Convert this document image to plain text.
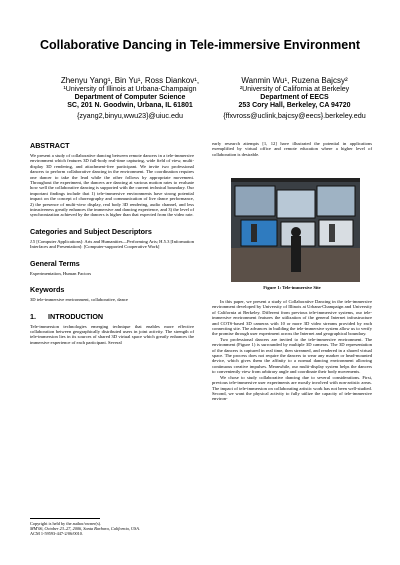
Collaborative Dancing in Tele-immersive Environment
Zhenyu Yang¹, Bin Yu¹, Ross Diankov¹,
¹University of Illinois at Urbana-Champaign
Department of Computer Science
SC, 201 N. Goodwin, Urbana, IL 61801
{zyang2,binyu,wwu23}@uiuc.edu
Wanmin Wu¹, Ruzena Bajcsy²
²University of California at Berkeley
Department of EECS
253 Cory Hall, Berkeley, CA 94720
{ffxvross@uclink,bajcsy@eecs}.berkeley.edu
ABSTRACT
We present a study of collaborative dancing between remote dancers in a tele-immersive environment which features 3D full-body real-time capturing, wide field of view, multi-display 3D rendering, and attachment-free participant. We invite two professional dancers to perform collaborative dancing in the environment. The coordination requires one dancer to take the lead while the other follows by appropriate movement. Throughout the experiment, the dancers are dancing at various motion rates to evaluate how well the collaborative dancing is supported with the current technical boundary. Our important findings include that 1) tele-immersive environments have strong potential impact on the concept of choreography and communication of live dance performance, 2) the presence of multi-view display, real body 3D rendering, audio channel, and less intrusiveness greatly enhances the immersive and dancing experience, and 3) the level of synchronization achieved by the dancers is higher than that expected from the video rate.
Categories and Subject Descriptors
J.5 [Computer Applications]: Arts and Humanities—Performing Arts; H.5.3 [Information Interfaces and Presentation]: [Computer-supported Cooperative Work]
General Terms
Experimentation, Human Factors
Keywords
3D tele-immersive environment, collaborative, dance
1. INTRODUCTION
Tele-immersion technologies emerging technique that enables more effective collaboration between geographically distributed users in joint activity. The strength of tele-immersion lies in its sources of shared 3D virtual space which greatly enhances the immersive experience of each participant. Several
Copyright is held by the author/owner(s).
MM'06, October 23–27, 2006, Santa Barbara, California, USA.
ACM 1-59593-447-2/06/0010.
early research attempts [1, 12] have illustrated the potential in applications exemplified by virtual office and remote education where a higher level of collaboration is desirable.
Figure 1: Tele-immersive Site
In this paper, we present a study of Collaborative Dancing in the tele-immersive environment developed by University of Illinois at Urbana-Champaign and University of California at Berkeley. Different from previous tele-immersive systems, our tele-immersive environment features the utilization of the general Internet infrastructure and COTS-based 3D cameras with 10 or more 3D video streams provided by each connecting site. The advances in building the tele-immersive system allow us to verify the promise through user experiment across the Internet and geographical boundary.
Two professional dancers are invited to the tele-immersive environment. The environment (Figure 1) is surrounded by multiple 3D cameras. The 3D representation of the dancers is captured in real time, then streamed, and rendered in a shared virtual space. The process does not require the dancers to wear any marker or head-mounted device, which gives them the affinity to a normal dancing environment allowing continuous creative impulses. Meanwhile, our multi-display system helps the dancers to conveniently view from arbitrary angle and coordinate their body movements.
We chose to study collaborative dancing due to several considerations. First, previous tele-immersive user experiments are mostly involved with non-artistic areas. The impact of tele-immersion on collaborating artistic work has not been well-studied. Second, we want the physical activity to fully utilize the capacity of tele-immersive environ-
